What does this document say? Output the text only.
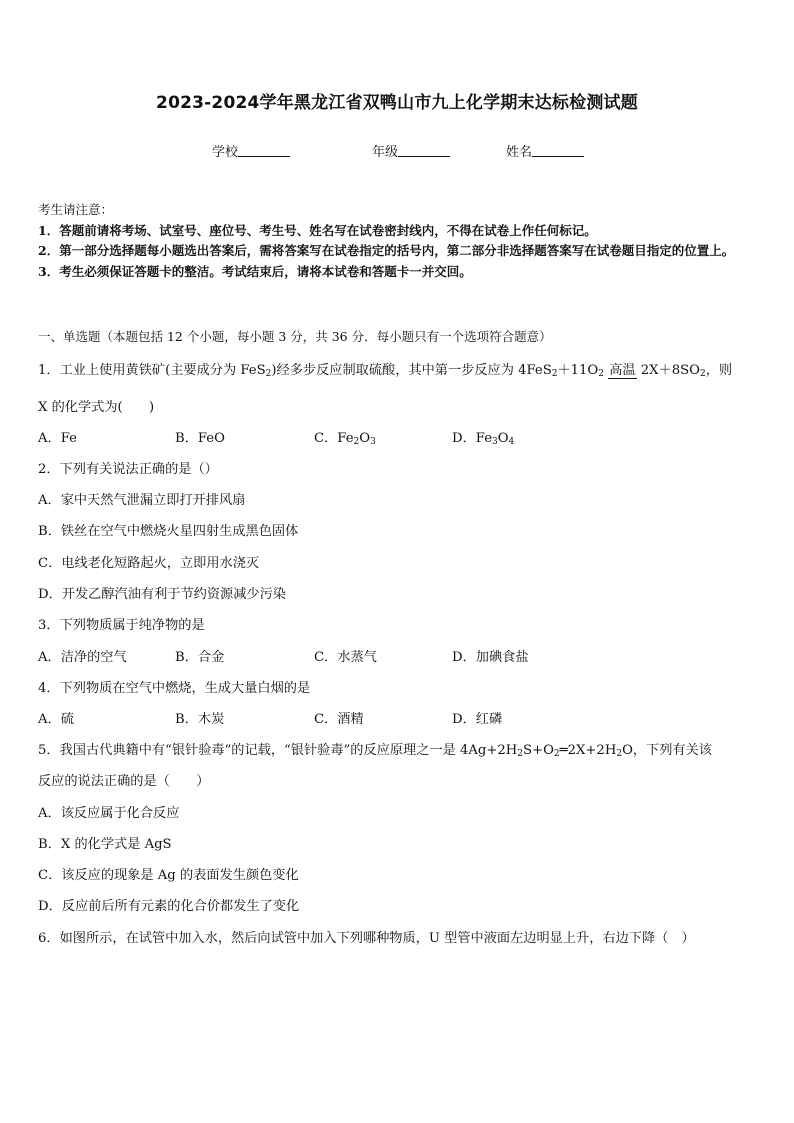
2023-2024学年黑龙江省双鸭山市九上化学期末达标检测试题
学校	年级	姓名
考生请注意：
1．答题前请将考场、试室号、座位号、考生号、姓名写在试卷密封线内，不得在试卷上作任何标记。
2．第一部分选择题每小题选出答案后，需将答案写在试卷指定的括号内，第二部分非选择题答案写在试卷题目指定的位置上。
3．考生必须保证答题卡的整洁。考试结束后，请将本试卷和答题卡一并交回。
一、单选题（本题包括 12 个小题，每小题 3 分，共 36 分．每小题只有一个选项符合题意）
1．工业上使用黄铁矿(主要成分为 FeS$_2$)经多步反应制取硫酸，其中第一步反应为 $4FeS_2+11O_2$ 高温 $2X+8SO_2$，则
X 的化学式为(　　)
A．Fe	B．FeO	C．$Fe_2O_3$	D．$Fe_3O_4$
2．下列有关说法正确的是（）
A．家中天然气泄漏立即打开排风扇
B．铁丝在空气中燃烧火星四射生成黑色固体
C．电线老化短路起火，立即用水浇灭
D．开发乙醇汽油有利于节约资源减少污染
3．下列物质属于纯净物的是
A．洁净的空气	B．合金	C．水蒸气	D．加碘食盐
4．下列物质在空气中燃烧，生成大量白烟的是
A．硫	B．木炭	C．酒精	D．红磷
5．我国古代典籍中有“银针验毒”的记载，“银针验毒”的反应原理之一是 $4Ag+2H_2S+O_2═2X+2H_2O$，下列有关该
反应的说法正确的是（　　）
A．该反应属于化合反应
B．X 的化学式是 AgS
C．该反应的现象是 Ag 的表面发生颜色变化
D．反应前后所有元素的化合价都发生了变化
6．如图所示，在试管中加入水，然后向试管中加入下列哪种物质，U 型管中液面左边明显上升，右边下降（　）
